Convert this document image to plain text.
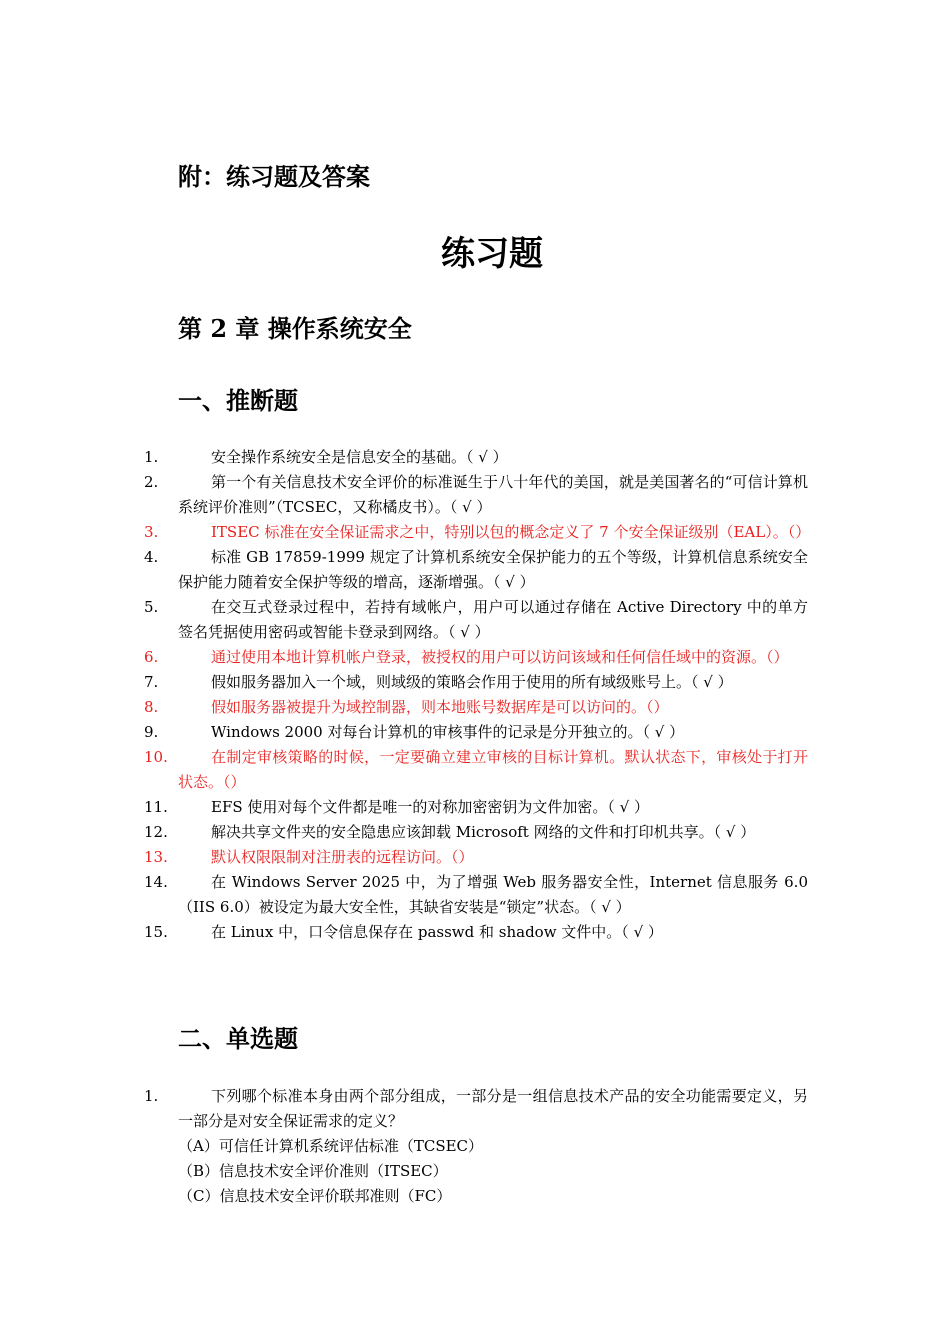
附：练习题及答案
练习题
第 2 章 操作系统安全
一、推断题
1.	安全操作系统安全是信息安全的基础。（ √ ）
2.	第一个有关信息技术安全评价的标准诞生于八十年代的美国，就是美国著名的“可信计算机系统评价准则”（TCSEC，又称橘皮书）。（ √ ）
3.	ITSEC 标准在安全保证需求之中，特别以包的概念定义了 7 个安全保证级别（EAL）。（）
4.	标准 GB 17859-1999 规定了计算机系统安全保护能力的五个等级，计算机信息系统安全保护能力随着安全保护等级的增高，逐渐增强。（ √ ）
5.	在交互式登录过程中，若持有域帐户，用户可以通过存储在 Active Directory 中的单方签名凭据使用密码或智能卡登录到网络。（ √ ）
6.	通过使用本地计算机帐户登录，被授权的用户可以访问该域和任何信任域中的资源。（）
7.	假如服务器加入一个域，则域级的策略会作用于使用的所有域级账号上。（ √ ）
8.	假如服务器被提升为域控制器，则本地账号数据库是可以访问的。（）
9.	Windows 2000 对每台计算机的审核事件的记录是分开独立的。（ √ ）
10.	在制定审核策略的时候，一定要确立建立审核的目标计算机。默认状态下，审核处于打开状态。（）
11.	EFS 使用对每个文件都是唯一的对称加密密钥为文件加密。（ √ ）
12.	解决共享文件夹的安全隐患应该卸载 Microsoft 网络的文件和打印机共享。（ √ ）
13.	默认权限限制对注册表的远程访问。（）
14.	在 Windows Server 2025 中，为了增强 Web 服务器安全性，Internet 信息服务 6.0（IIS 6.0）被设定为最大安全性，其缺省安装是“锁定”状态。（ √ ）
15.	在 Linux 中，口令信息保存在 passwd 和 shadow 文件中。（ √ ）
二、单选题
1.	下列哪个标准本身由两个部分组成，一部分是一组信息技术产品的安全功能需要定义，另一部分是对安全保证需求的定义？
（A）可信任计算机系统评估标准（TCSEC）
（B）信息技术安全评价准则（ITSEC）
（C）信息技术安全评价联邦准则（FC）
